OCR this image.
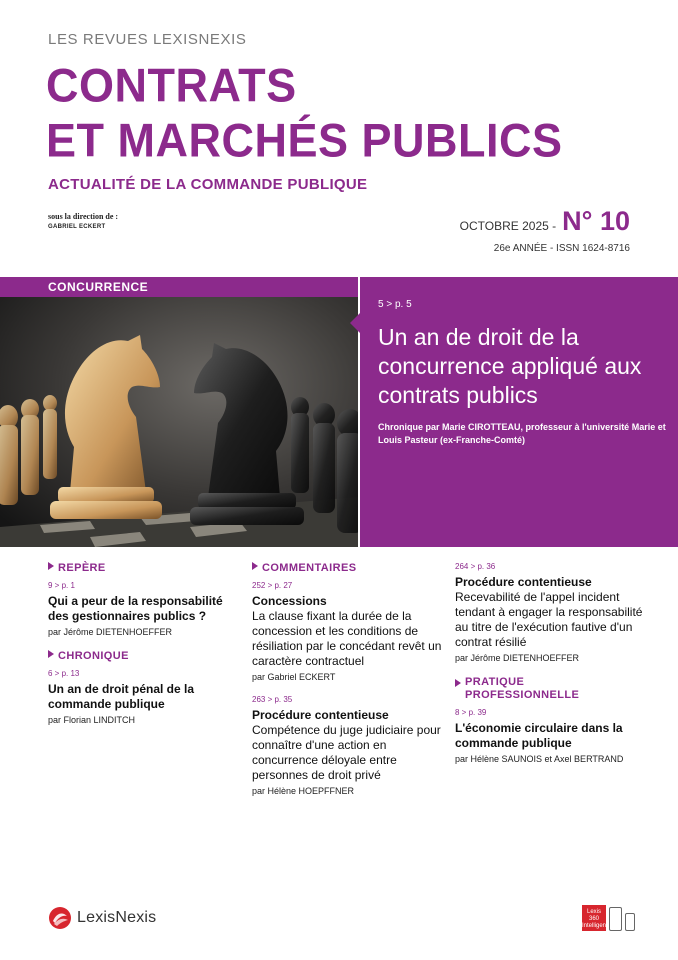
LES REVUES LEXISNEXIS
CONTRATS
ET MARCHÉS PUBLICS
ACTUALITÉ DE LA COMMANDE PUBLIQUE
sous la direction de :
GABRIEL ECKERT	OCTOBRE 2025 - N° 10
26e ANNÉE - ISSN 1624-8716
CONCURRENCE
5 > p. 5
Un an de droit de la concurrence appliqué aux contrats publics
Chronique par Marie CIROTTEAU, professeur à l'université Marie et Louis Pasteur (ex-Franche-Comté)
REPÈRE
9 > p. 1
Qui a peur de la responsabilité des gestionnaires publics ?
par Jérôme DIETENHOEFFER
CHRONIQUE
6 > p. 13
Un an de droit pénal de la commande publique
par Florian LINDITCH
COMMENTAIRES
252 > p. 27
Concessions
La clause fixant la durée de la concession et les conditions de résiliation par le concédant revêt un caractère contractuel
par Gabriel ECKERT
263 > p. 35
Procédure contentieuse
Compétence du juge judiciaire pour connaître d'une action en concurrence déloyale entre personnes de droit privé
par Hélène HOEPFFNER
264 > p. 36
Procédure contentieuse
Recevabilité de l'appel incident tendant à engager la responsabilité au titre de l'exécution fautive d'un contrat résilié
par Jérôme DIETENHOEFFER
PRATIQUE PROFESSIONNELLE
8 > p. 39
L'économie circulaire dans la commande publique
par Hélène SAUNOIS et Axel BERTRAND
LexisNexis	Lexis 360 Intelligence
